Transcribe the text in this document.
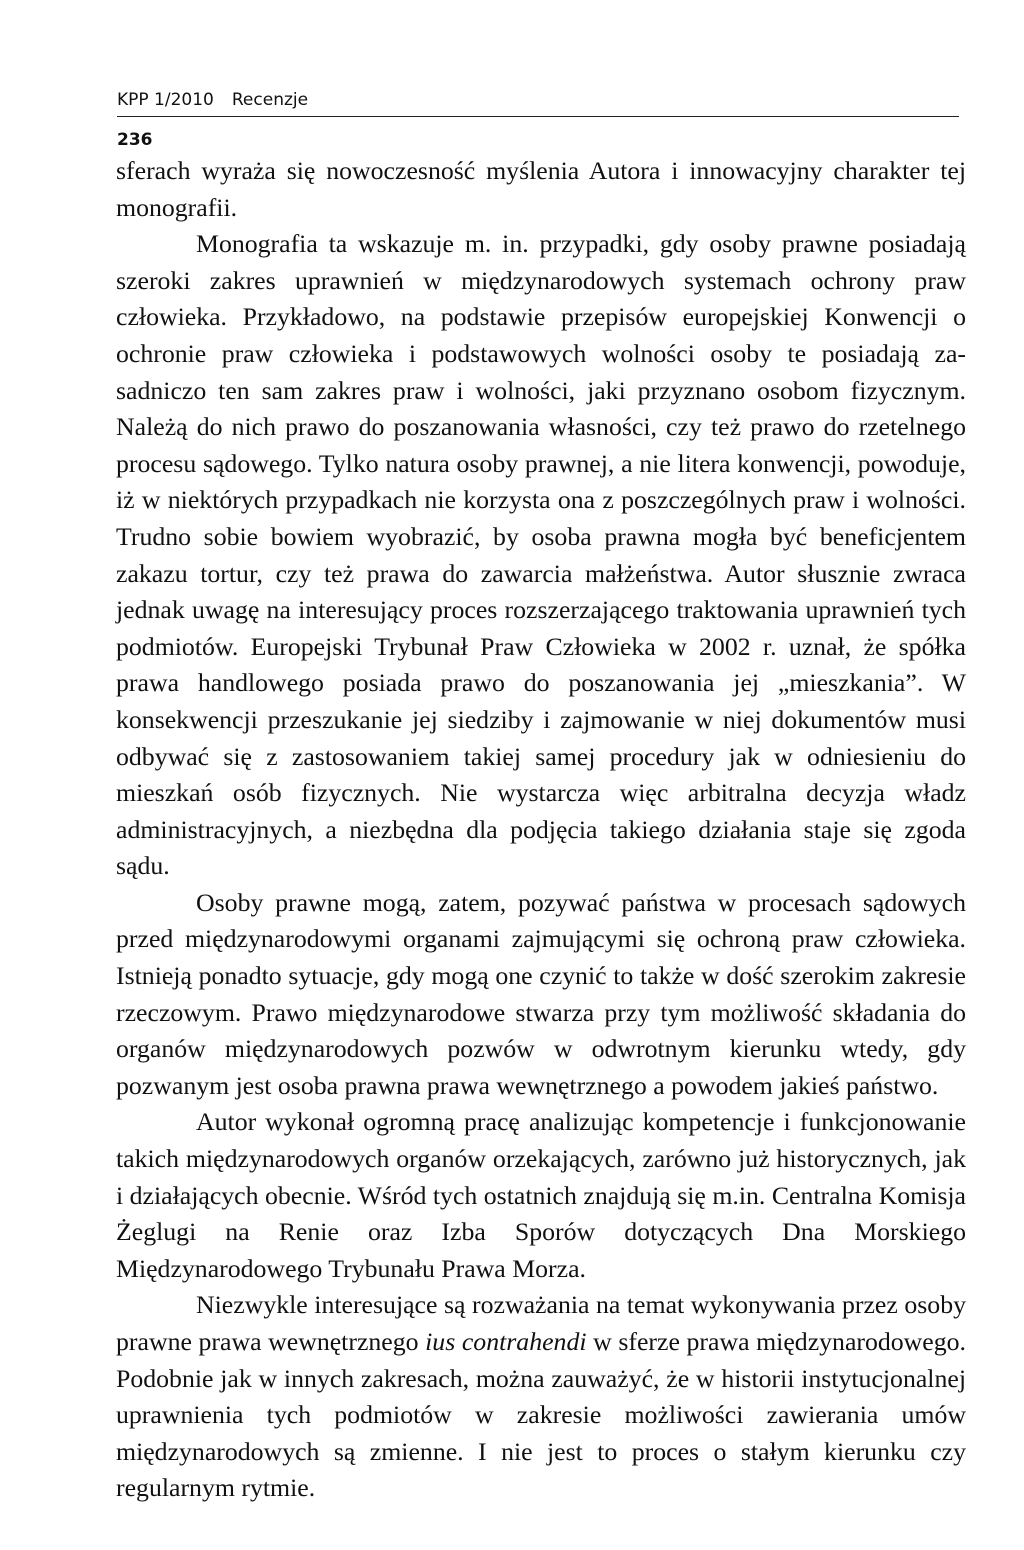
KPP 1/2010 Recenzje
236

sferach wyraża się nowoczesność myślenia Autora i innowacyjny charakter tej monografii.

Monografia ta wskazuje m. in. przypadki, gdy osoby prawne posiadają szeroki zakres uprawnień w międzynarodowych systemach ochrony praw człowieka. Przykładowo, na podstawie przepisów europejskiej Konwencji o ochronie praw człowieka i podstawowych wolności osoby te posiadają zasadniczo ten sam zakres praw i wolności, jaki przyznano osobom fizycznym. Należą do nich prawo do poszanowania własności, czy też prawo do rzetelnego procesu sądowego. Tylko natura osoby prawnej, a nie litera konwencji, powoduje, iż w niektórych przypadkach nie korzysta ona z poszczególnych praw i wolności. Trudno sobie bowiem wyobrazić, by osoba prawna mogła być beneficjentem zakazu tortur, czy też prawa do zawarcia małżeństwa. Autor słusznie zwraca jednak uwagę na interesujący proces rozszerzającego traktowania uprawnień tych podmiotów. Europejski Trybunał Praw Człowieka w 2002 r. uznał, że spółka prawa handlowego posiada prawo do poszanowania jej „mieszkania”. W konsekwencji przeszukanie jej siedziby i zajmowanie w niej dokumentów musi odbywać się z zastosowaniem takiej samej procedury jak w odniesieniu do mieszkań osób fizycznych. Nie wystarcza więc arbitralna decyzja władz administracyjnych, a niezbędna dla podjęcia takiego działania staje się zgoda sądu.

Osoby prawne mogą, zatem, pozywać państwa w procesach sądowych przed międzynarodowymi organami zajmującymi się ochroną praw człowieka. Istnieją ponadto sytuacje, gdy mogą one czynić to także w dość szerokim zakresie rzeczowym. Prawo międzynarodowe stwarza przy tym możliwość składania do organów międzynarodowych pozwów w odwrotnym kierunku wtedy, gdy pozwanym jest osoba prawna prawa wewnętrznego a powodem jakieś państwo.

Autor wykonał ogromną pracę analizując kompetencje i funkcjonowanie takich międzynarodowych organów orzekających, zarówno już historycznych, jak i działających obecnie. Wśród tych ostatnich znajdują się m.in. Centralna Komisja Żeglugi na Renie oraz Izba Sporów dotyczących Dna Morskiego Międzynarodowego Trybunału Prawa Morza.

Niezwykle interesujące są rozważania na temat wykonywania przez osoby prawne prawa wewnętrznego ius contrahendi w sferze prawa międzynarodowego. Podobnie jak w innych zakresach, można zauważyć, że w historii instytucjonalnej uprawnienia tych podmiotów w zakresie możliwości zawierania umów międzynarodowych są zmienne. I nie jest to proces o stałym kierunku czy regularnym rytmie.
